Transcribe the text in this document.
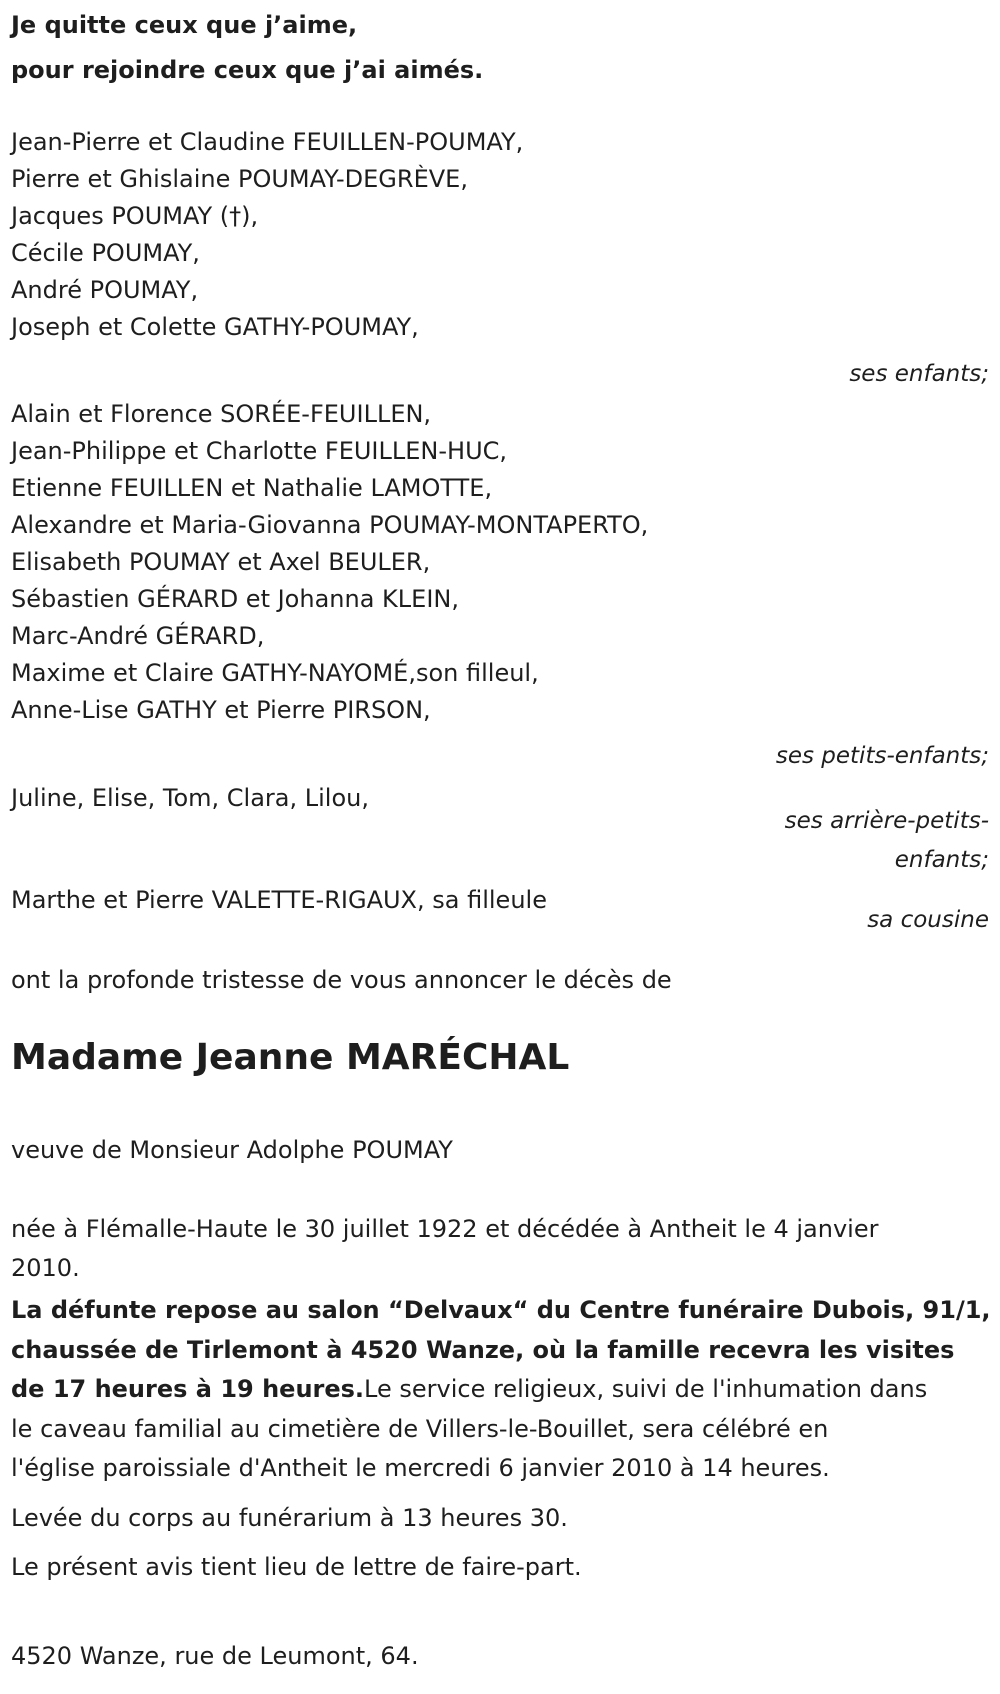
Je quitte ceux que j’aime,
pour rejoindre ceux que j’ai aimés.
Jean-Pierre et Claudine FEUILLEN-POUMAY,
Pierre et Ghislaine POUMAY-DEGRÈVE,
Jacques POUMAY (†),
Cécile POUMAY,
André POUMAY,
Joseph et Colette GATHY-POUMAY,
ses enfants;
Alain et Florence SORÉE-FEUILLEN,
Jean-Philippe et Charlotte FEUILLEN-HUC,
Etienne FEUILLEN et Nathalie LAMOTTE,
Alexandre et Maria-Giovanna POUMAY-MONTAPERTO,
Elisabeth POUMAY et Axel BEULER,
Sébastien GÉRARD et Johanna KLEIN,
Marc-André GÉRARD,
Maxime et Claire GATHY-NAYOMÉ,son filleul,
Anne-Lise GATHY et Pierre PIRSON,
ses petits-enfants;
Juline, Elise, Tom, Clara, Lilou,
ses arrière-petits-
enfants;
Marthe et Pierre VALETTE-RIGAUX, sa filleule
sa cousine
ont la profonde tristesse de vous annoncer le décès de
Madame Jeanne MARÉCHAL
veuve de Monsieur Adolphe POUMAY
née à Flémalle-Haute le 30 juillet 1922 et décédée à Antheit le 4 janvier
2010.
La défunte repose au salon “Delvaux“ du Centre funéraire Dubois, 91/1,
chaussée de Tirlemont à 4520 Wanze, où la famille recevra les visites
de 17 heures à 19 heures.Le service religieux, suivi de l'inhumation dans
le caveau familial au cimetière de Villers-le-Bouillet, sera célébré en
l'église paroissiale d'Antheit le mercredi 6 janvier 2010 à 14 heures.
Levée du corps au funérarium à 13 heures 30.
Le présent avis tient lieu de lettre de faire-part.
4520 Wanze, rue de Leumont, 64.
